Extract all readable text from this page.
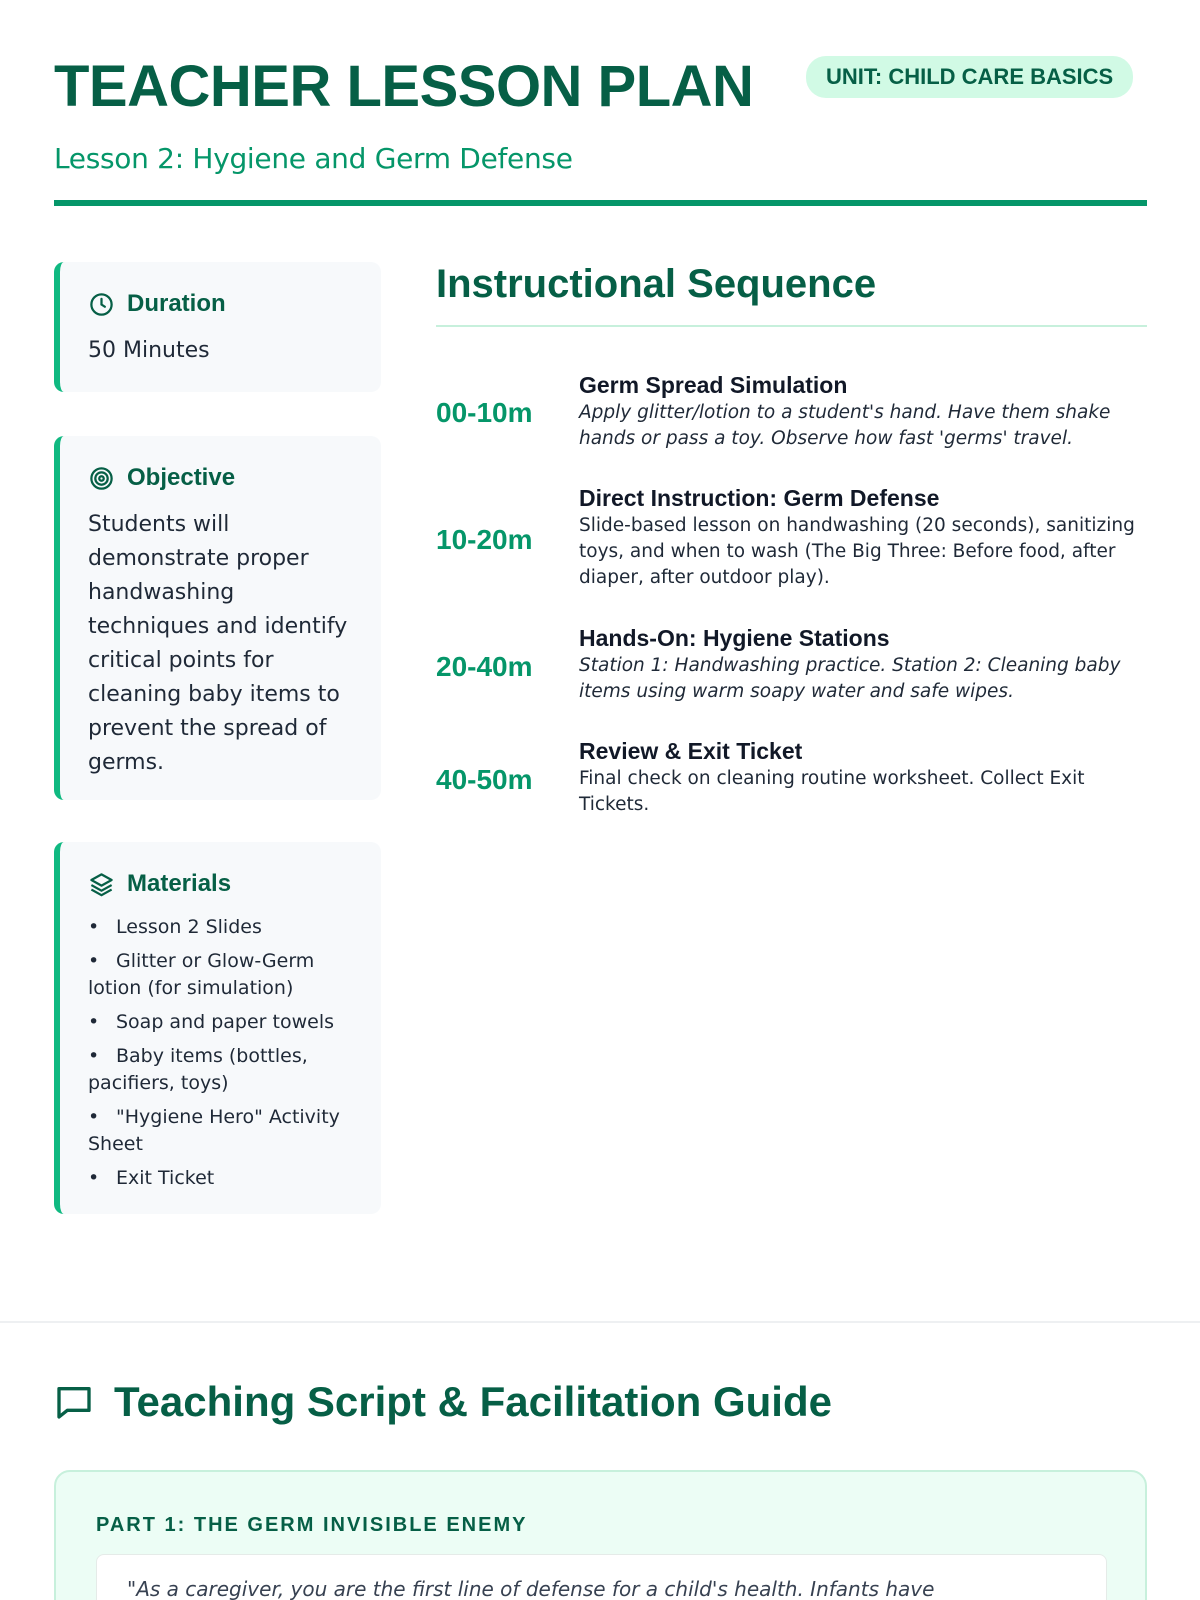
TEACHER LESSON PLAN	UNIT: CHILD CARE BASICS
Lesson 2: Hygiene and Germ Defense
Duration
50 Minutes
Objective
Students will demonstrate proper handwashing techniques and identify critical points for cleaning baby items to prevent the spread of germs.
Materials
• Lesson 2 Slides
• Glitter or Glow-Germ lotion (for simulation)
• Soap and paper towels
• Baby items (bottles, pacifiers, toys)
• "Hygiene Hero" Activity Sheet
• Exit Ticket
Instructional Sequence
00-10m
Germ Spread Simulation
Apply glitter/lotion to a student's hand. Have them shake hands or pass a toy. Observe how fast 'germs' travel.
10-20m
Direct Instruction: Germ Defense
Slide-based lesson on handwashing (20 seconds), sanitizing toys, and when to wash (The Big Three: Before food, after diaper, after outdoor play).
20-40m
Hands-On: Hygiene Stations
Station 1: Handwashing practice. Station 2: Cleaning baby items using warm soapy water and safe wipes.
40-50m
Review & Exit Ticket
Final check on cleaning routine worksheet. Collect Exit Tickets.
Teaching Script & Facilitation Guide
PART 1: THE GERM INVISIBLE ENEMY
"As a caregiver, you are the first line of defense for a child's health. Infants have
